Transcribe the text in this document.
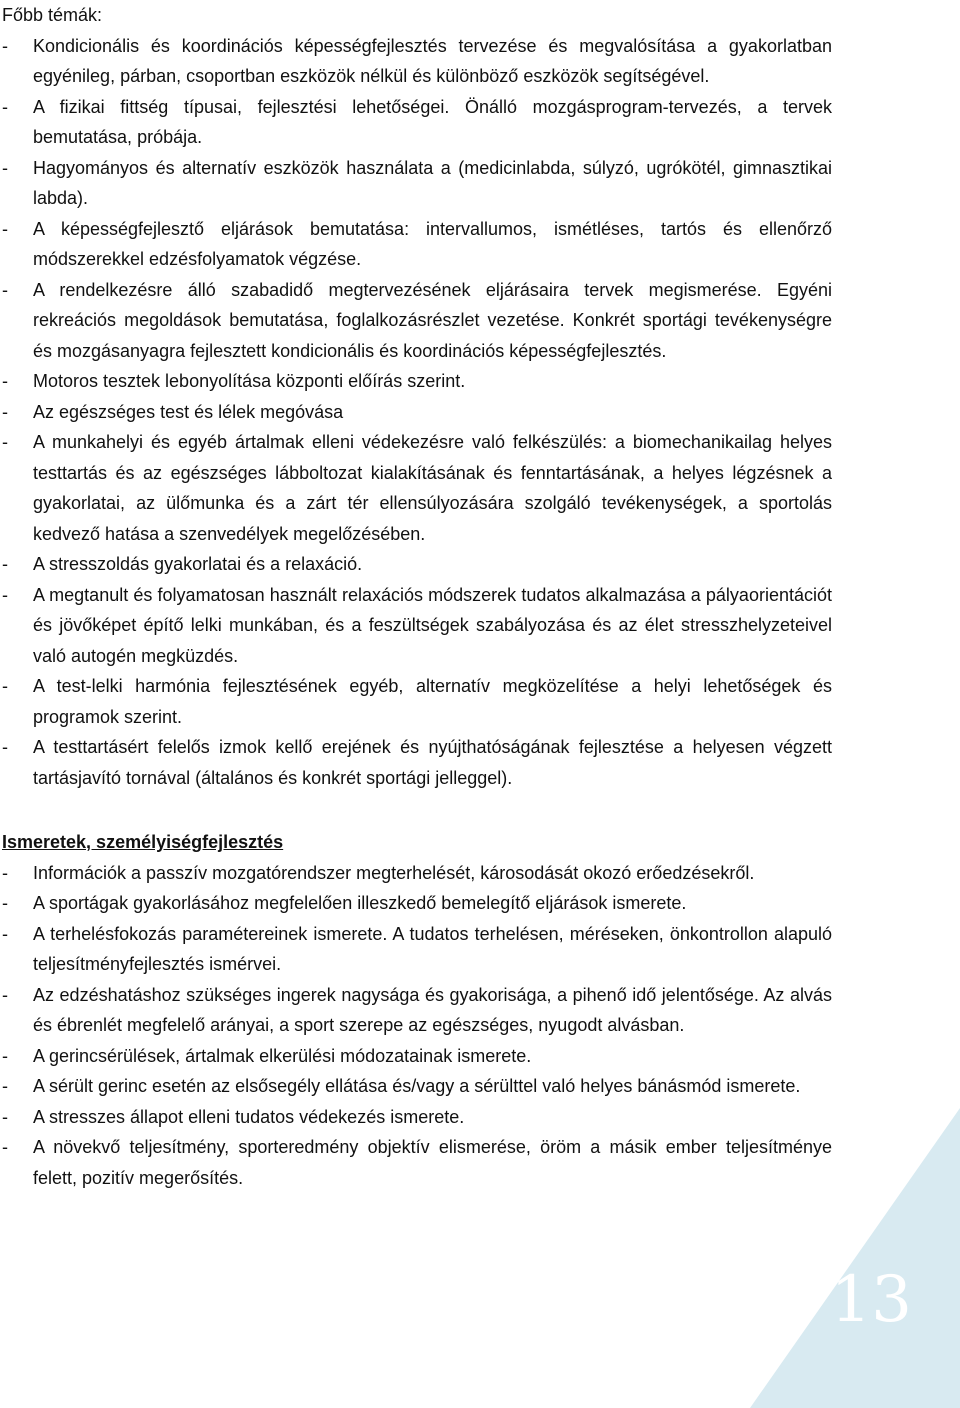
13

Főbb témák:

- Kondicionális és koordinációs képességfejlesztés tervezése és megvalósítása a gyakorlatban egyénileg, párban, csoportban eszközök nélkül és különböző eszközök segítségével.
- A fizikai fittség típusai, fejlesztési lehetőségei. Önálló mozgásprogram-tervezés, a tervek bemutatása, próbája.
- Hagyományos és alternatív eszközök használata a (medicinlabda, súlyzó, ugrókötél, gimnasztikai labda).
- A képességfejlesztő eljárások bemutatása: intervallumos, ismétléses, tartós és ellenőrző módszerekkel edzésfolyamatok végzése.
- A rendelkezésre álló szabadidő megtervezésének eljárásaira tervek megismerése. Egyéni rekreációs megoldások bemutatása, foglalkozásrészlet vezetése. Konkrét sportági tevékenységre és mozgásanyagra fejlesztett kondicionális és koordinációs képességfejlesztés.
- Motoros tesztek lebonyolítása központi előírás szerint.
- Az egészséges test és lélek megóvása
- A munkahelyi és egyéb ártalmak elleni védekezésre való felkészülés: a biomechanikailag helyes testtartás és az egészséges lábboltozat kialakításának és fenntartásának, a helyes légzésnek a gyakorlatai, az ülőmunka és a zárt tér ellensúlyozására szolgáló tevékenységek, a sportolás kedvező hatása a szenvedélyek megelőzésében.
- A stresszoldás gyakorlatai és a relaxáció.
- A megtanult és folyamatosan használt relaxációs módszerek tudatos alkalmazása a pályaorientációt és jövőképet építő lelki munkában, és a feszültségek szabályozása és az élet stresszhelyzeteivel való autogén megküzdés.
- A test-lelki harmónia fejlesztésének egyéb, alternatív megközelítése a helyi lehetőségek és programok szerint.
- A testtartásért felelős izmok kellő erejének és nyújthatóságának fejlesztése a helyesen végzett tartásjavító tornával (általános és konkrét sportági jelleggel).

Ismeretek, személyiségfejlesztés

- Információk a passzív mozgatórendszer megterhelését, károsodását okozó erőedzésekről.
- A sportágak gyakorlásához megfelelően illeszkedő bemelegítő eljárások ismerete.
- A terhelésfokozás paramétereinek ismerete. A tudatos terhelésen, méréseken, önkontrollon alapuló teljesítményfejlesztés ismérvei.
- Az edzéshatáshoz szükséges ingerek nagysága és gyakorisága, a pihenő idő jelentősége. Az alvás és ébrenlét megfelelő arányai, a sport szerepe az egészséges, nyugodt alvásban.
- A gerincsérülések, ártalmak elkerülési módozatainak ismerete.
- A sérült gerinc esetén az elsősegély ellátása és/vagy a sérülttel való helyes bánásmód ismerete.
- A stresszes állapot elleni tudatos védekezés ismerete.
- A növekvő teljesítmény, sporteredmény objektív elismerése, öröm a másik ember teljesítménye felett, pozitív megerősítés.
